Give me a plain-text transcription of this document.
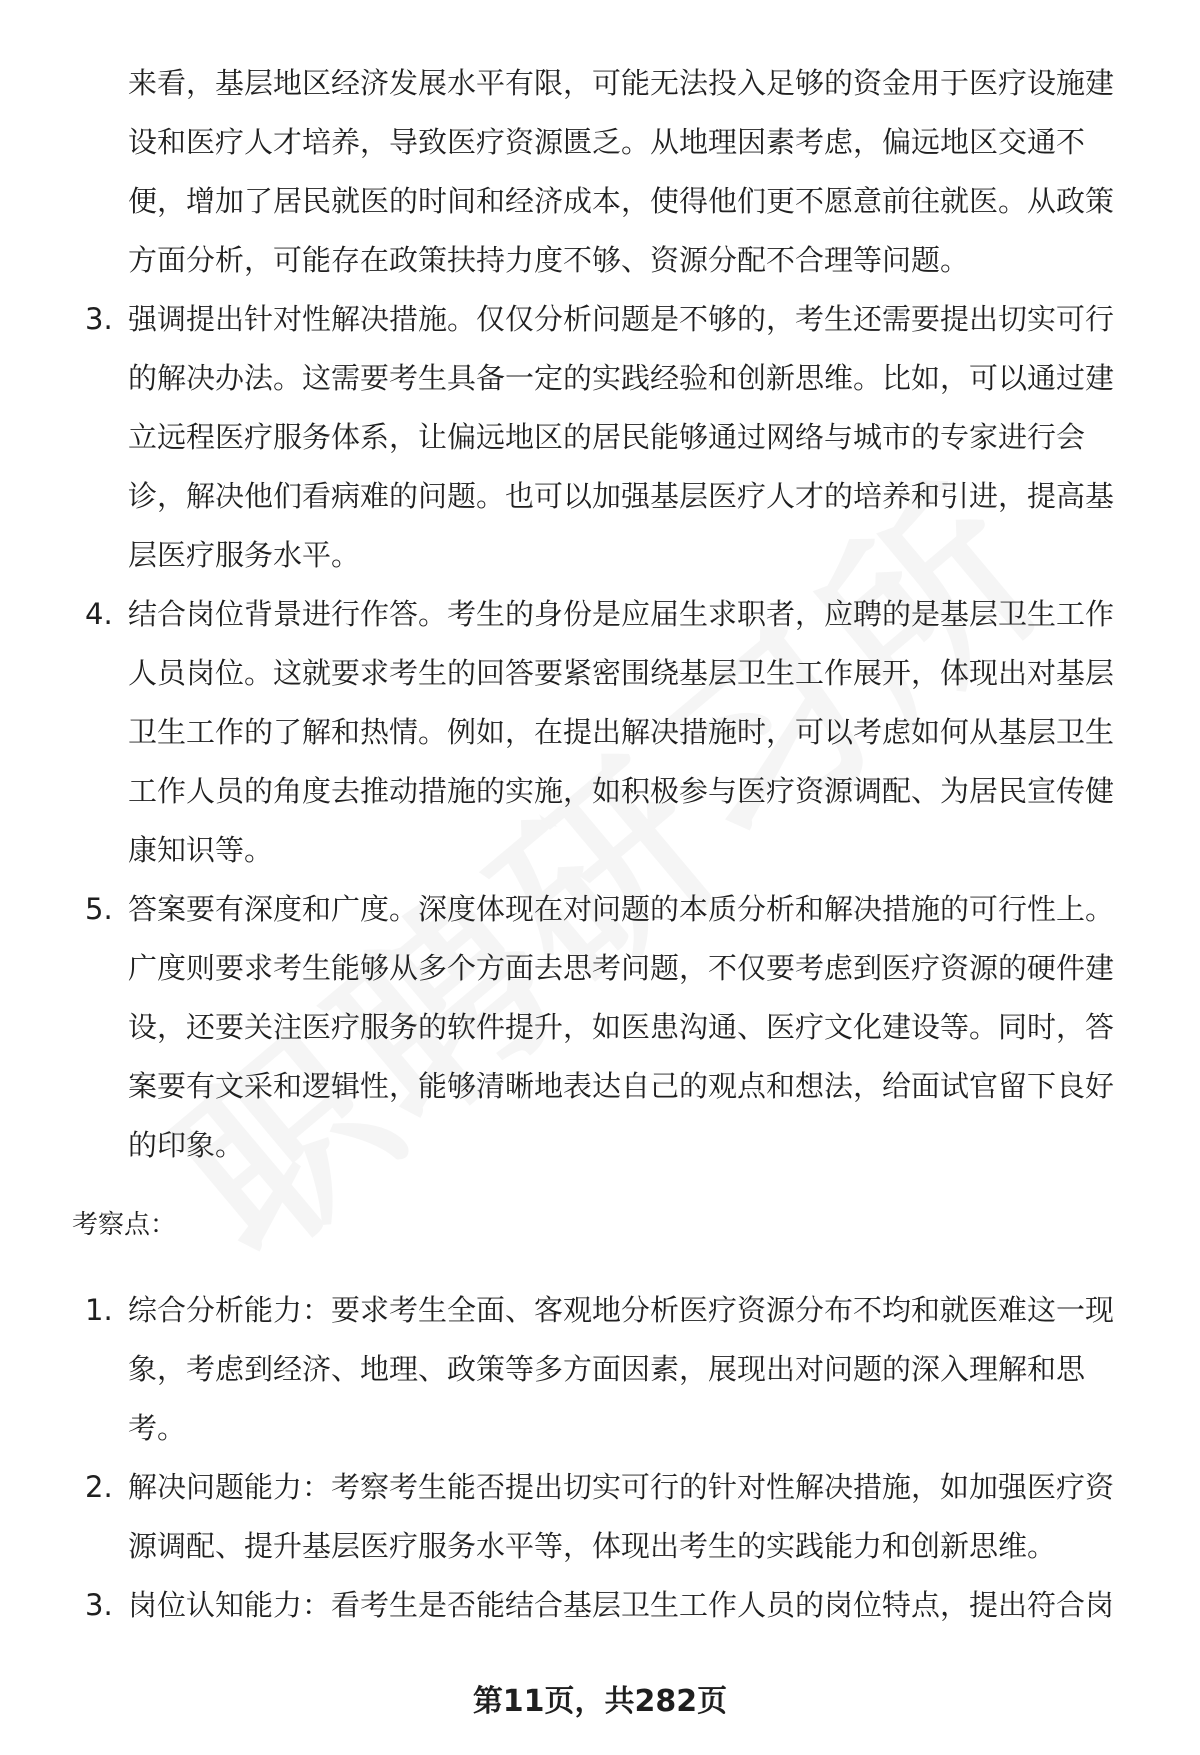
来看，基层地区经济发展水平有限，可能无法投入足够的资金用于医疗设施建设和医疗人才培养，导致医疗资源匮乏。从地理因素考虑，偏远地区交通不便，增加了居民就医的时间和经济成本，使得他们更不愿意前往就医。从政策方面分析，可能存在政策扶持力度不够、资源分配不合理等问题。

3. 强调提出针对性解决措施。仅仅分析问题是不够的，考生还需要提出切实可行的解决办法。这需要考生具备一定的实践经验和创新思维。比如，可以通过建立远程医疗服务体系，让偏远地区的居民能够通过网络与城市的专家进行会诊，解决他们看病难的问题。也可以加强基层医疗人才的培养和引进，提高基层医疗服务水平。

4. 结合岗位背景进行作答。考生的身份是应届生求职者，应聘的是基层卫生工作人员岗位。这就要求考生的回答要紧密围绕基层卫生工作展开，体现出对基层卫生工作的了解和热情。例如，在提出解决措施时，可以考虑如何从基层卫生工作人员的角度去推动措施的实施，如积极参与医疗资源调配、为居民宣传健康知识等。

5. 答案要有深度和广度。深度体现在对问题的本质分析和解决措施的可行性上。广度则要求考生能够从多个方面去思考问题，不仅要考虑到医疗资源的硬件建设，还要关注医疗服务的软件提升，如医患沟通、医疗文化建设等。同时，答案要有文采和逻辑性，能够清晰地表达自己的观点和想法，给面试官留下良好的印象。

考察点：

1. 综合分析能力：要求考生全面、客观地分析医疗资源分布不均和就医难这一现象，考虑到经济、地理、政策等多方面因素，展现出对问题的深入理解和思考。

2. 解决问题能力：考察考生能否提出切实可行的针对性解决措施，如加强医疗资源调配、提升基层医疗服务水平等，体现出考生的实践能力和创新思维。

3. 岗位认知能力：看考生是否能结合基层卫生工作人员的岗位特点，提出符合岗

第11页，共282页
